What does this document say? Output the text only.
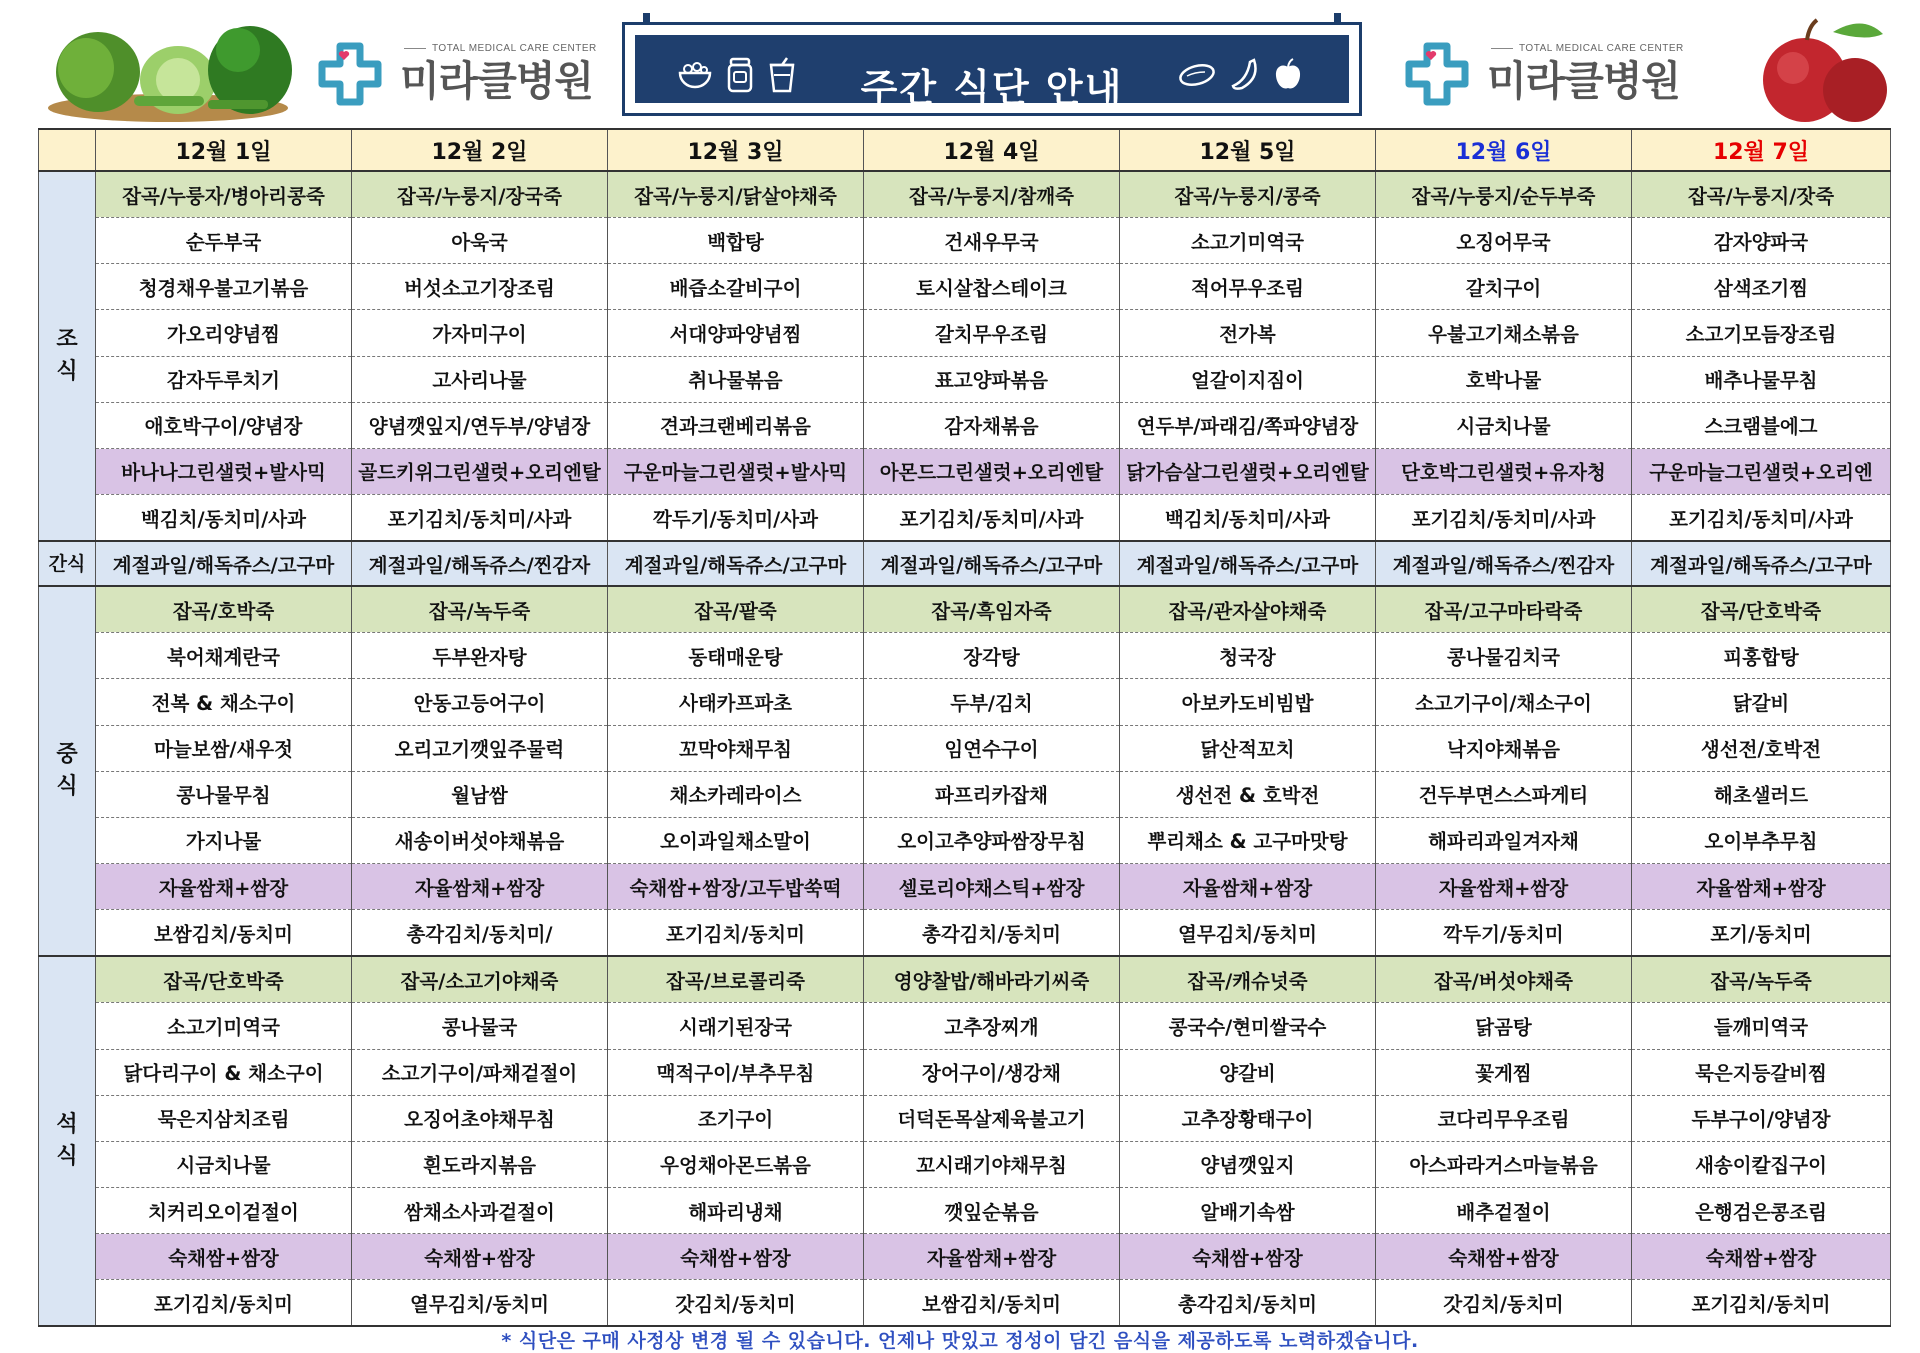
TOTAL MEDICAL CARE CENTER
미라클병원
	주간 식단 안내

TOTAL MEDICAL CARE CENTER
미라클병원
	12월 1일	12월 2일	12월 3일	12월 4일	12월 5일	12월 6일	12월 7일
조
식	잡곡/누룽자/병아리콩죽	잡곡/누룽지/장국죽	잡곡/누룽지/닭살야채죽	잡곡/누룽지/참깨죽	잡곡/누룽지/콩죽	잡곡/누룽지/순두부죽	잡곡/누룽지/잣죽
	순두부국	아욱국	백합탕	건새우무국	소고기미역국	오징어무국	감자양파국
	청경채우불고기볶음	버섯소고기장조림	배즙소갈비구이	토시살찹스테이크	적어무우조림	갈치구이	삼색조기찜
	가오리양념찜	가자미구이	서대양파양념찜	갈치무우조림	전가복	우불고기채소볶음	소고기모듬장조림
	감자두루치기	고사리나물	취나물볶음	표고양파볶음	얼갈이지짐이	호박나물	배추나물무침
	애호박구이/양념장	양념깻잎지/연두부/양념장	견과크랜베리볶음	감자채볶음	연두부/파래김/쪽파양념장	시금치나물	스크램블에그
	바나나그린샐럿+발사믹	골드키위그린샐럿+오리엔탈	구운마늘그린샐럿+발사믹	아몬드그린샐럿+오리엔탈	닭가슴살그린샐럿+오리엔탈	단호박그린샐럿+유자청	구운마늘그린샐럿+오리엔
	백김치/동치미/사과	포기김치/동치미/사과	깍두기/동치미/사과	포기김치/동치미/사과	백김치/동치미/사과	포기김치/동치미/사과	포기김치/동치미/사과
간식	계절과일/해독쥬스/고구마	계절과일/해독쥬스/찐감자	계절과일/해독쥬스/고구마	계절과일/해독쥬스/고구마	계절과일/해독쥬스/고구마	계절과일/해독쥬스/찐감자	계절과일/해독쥬스/고구마
중
식	잡곡/호박죽	잡곡/녹두죽	잡곡/팥죽	잡곡/흑임자죽	잡곡/관자살야채죽	잡곡/고구마타락죽	잡곡/단호박죽
	북어채계란국	두부완자탕	동태매운탕	장각탕	청국장	콩나물김치국	피홍합탕
	전복 & 채소구이	안동고등어구이	사태카프파초	두부/김치	아보카도비빔밥	소고기구이/채소구이	닭갈비
	마늘보쌈/새우젓	오리고기깻잎주물럭	꼬막야채무침	임연수구이	닭산적꼬치	낙지야채볶음	생선전/호박전
	콩나물무침	월남쌈	채소카레라이스	파프리카잡채	생선전 & 호박전	건두부면스스파게티	해초샐러드
	가지나물	새송이버섯야채볶음	오이과일채소말이	오이고추양파쌈장무침	뿌리채소 & 고구마맛탕	해파리과일겨자채	오이부추무침
	자율쌈채+쌈장	자율쌈채+쌈장	숙채쌈+쌈장/고두밥쑥떡	셀로리야채스틱+쌈장	자율쌈채+쌈장	자율쌈채+쌈장	자율쌈채+쌈장
	보쌈김치/동치미	총각김치/동치미/	포기김치/동치미	총각김치/동치미	열무김치/동치미	깍두기/동치미	포기/동치미
석
식	잡곡/단호박죽	잡곡/소고기야채죽	잡곡/브로콜리죽	영양찰밥/해바라기씨죽	잡곡/캐슈넛죽	잡곡/버섯야채죽	잡곡/녹두죽
	소고기미역국	콩나물국	시래기된장국	고추장찌개	콩국수/현미쌀국수	닭곰탕	들깨미역국
	닭다리구이 & 채소구이	소고기구이/파채겉절이	맥적구이/부추무침	장어구이/생강채	양갈비	꽃게찜	묵은지등갈비찜
	묵은지삼치조림	오징어초야채무침	조기구이	더덕돈목살제육불고기	고추장황태구이	코다리무우조림	두부구이/양념장
	시금치나물	흰도라지볶음	우엉채아몬드볶음	꼬시래기야채무침	양념깻잎지	아스파라거스마늘볶음	새송이칼집구이
	치커리오이겉절이	쌈채소사과겉절이	해파리냉채	깻잎순볶음	알배기속쌈	배추겉절이	은행검은콩조림
	숙채쌈+쌈장	숙채쌈+쌈장	숙채쌈+쌈장	자율쌈채+쌈장	숙채쌈+쌈장	숙채쌈+쌈장	숙채쌈+쌈장
	포기김치/동치미	열무김치/동치미	갓김치/동치미	보쌈김치/동치미	총각김치/동치미	갓김치/동치미	포기김치/동치미
* 식단은 구매 사정상 변경 될 수 있습니다. 언제나 맛있고 정성이 담긴 음식을 제공하도록 노력하겠습니다.
